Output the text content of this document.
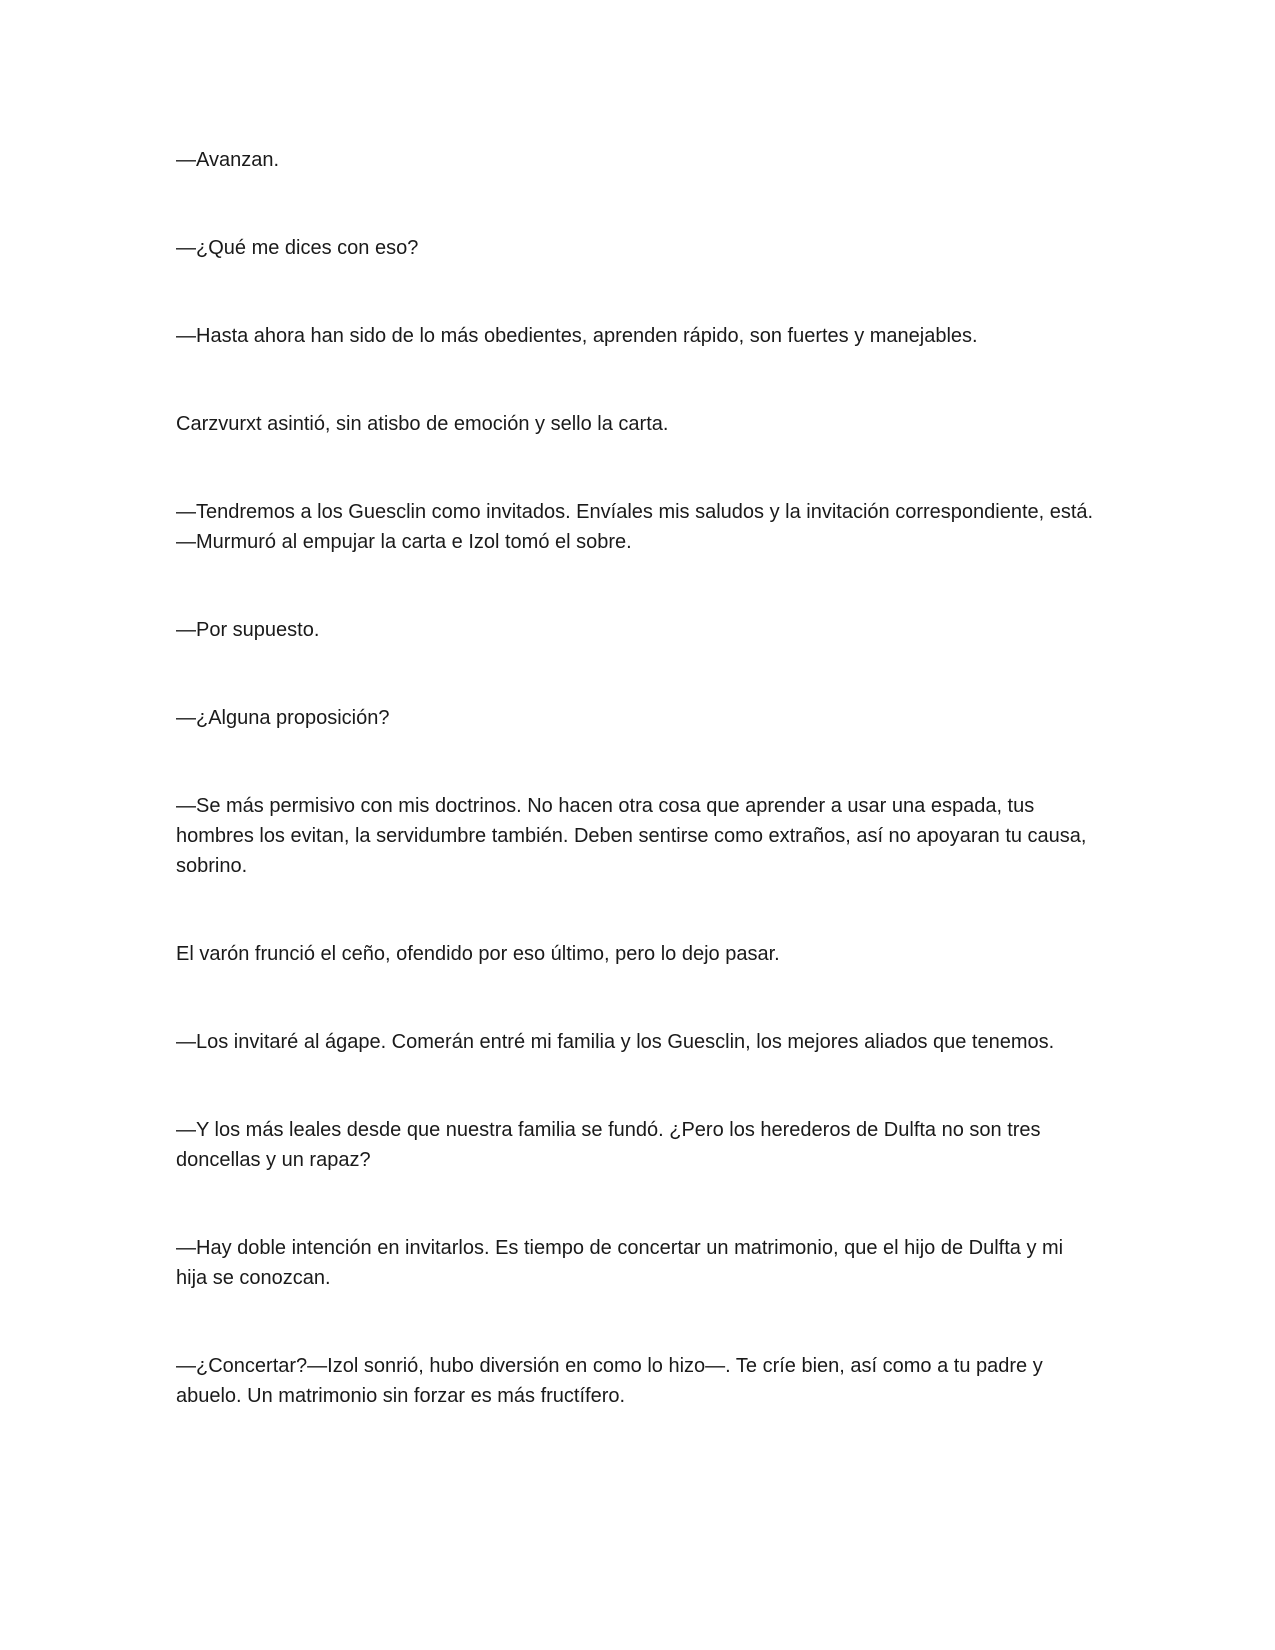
—Avanzan.

—¿Qué me dices con eso?

—Hasta ahora han sido de lo más obedientes, aprenden rápido, son fuertes y manejables.

Carzvurxt asintió, sin atisbo de emoción y sello la carta.

—Tendremos a los Guesclin como invitados. Envíales mis saludos y la invitación correspondiente, está.—Murmuró al empujar la carta e Izol tomó el sobre.

—Por supuesto.

—¿Alguna proposición?

—Se más permisivo con mis doctrinos. No hacen otra cosa que aprender a usar una espada, tus hombres los evitan, la servidumbre también. Deben sentirse como extraños, así no apoyaran tu causa, sobrino.

El varón frunció el ceño, ofendido por eso último, pero lo dejo pasar.

—Los invitaré al ágape. Comerán entré mi familia y los Guesclin, los mejores aliados que tenemos.

—Y los más leales desde que nuestra familia se fundó. ¿Pero los herederos de Dulfta no son tres doncellas y un rapaz?

—Hay doble intención en invitarlos. Es tiempo de concertar un matrimonio, que el hijo de Dulfta y mi hija se conozcan.

—¿Concertar?—Izol sonrió, hubo diversión en como lo hizo—. Te críe bien, así como a tu padre y abuelo. Un matrimonio sin forzar es más fructífero.
